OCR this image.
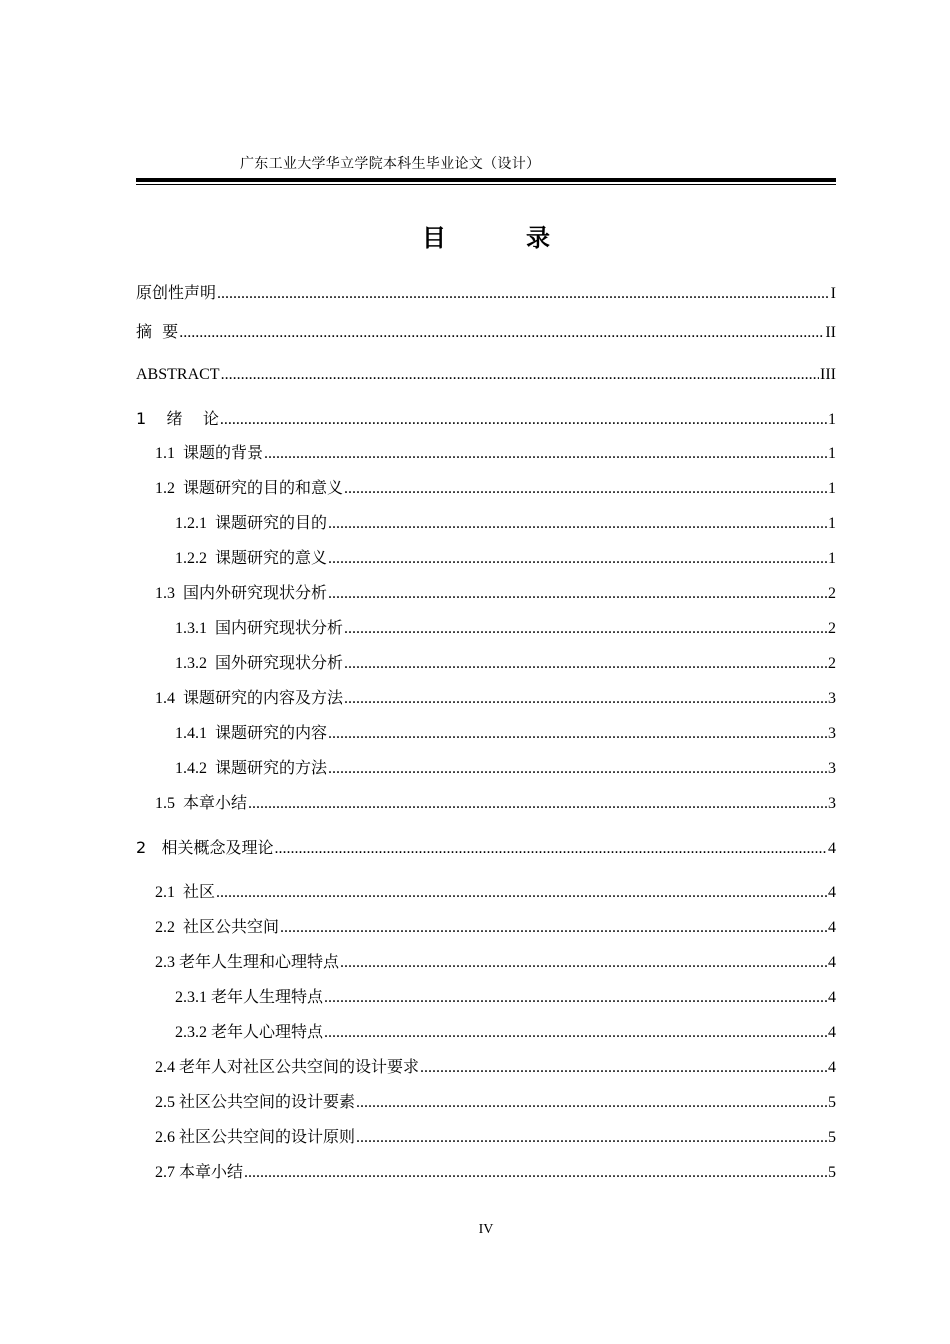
广东工业大学华立学院本科生毕业论文（设计）
目	录
原创性声明 .....	I
摘  要 .....	II
ABSTRACT .....	III
1    绪    论 .....	1
1.1  课题的背景 .....	1
1.2  课题研究的目的和意义 .....	1
1.2.1  课题研究的目的 .....	1
1.2.2  课题研究的意义 .....	1
1.3  国内外研究现状分析 .....	2
1.3.1  国内研究现状分析 .....	2
1.3.2  国外研究现状分析 .....	2
1.4  课题研究的内容及方法 .....	3
1.4.1  课题研究的内容 .....	3
1.4.2  课题研究的方法 .....	3
1.5  本章小结 .....	3
2   相关概念及理论 .....	4
2.1  社区 .....	4
2.2  社区公共空间 .....	4
2.3 老年人生理和心理特点 .....	4
2.3.1 老年人生理特点 .....	4
2.3.2 老年人心理特点 .....	4
2.4 老年人对社区公共空间的设计要求 .....	4
2.5 社区公共空间的设计要素 .....	5
2.6 社区公共空间的设计原则 .....	5
2.7 本章小结 .....	5
IV
